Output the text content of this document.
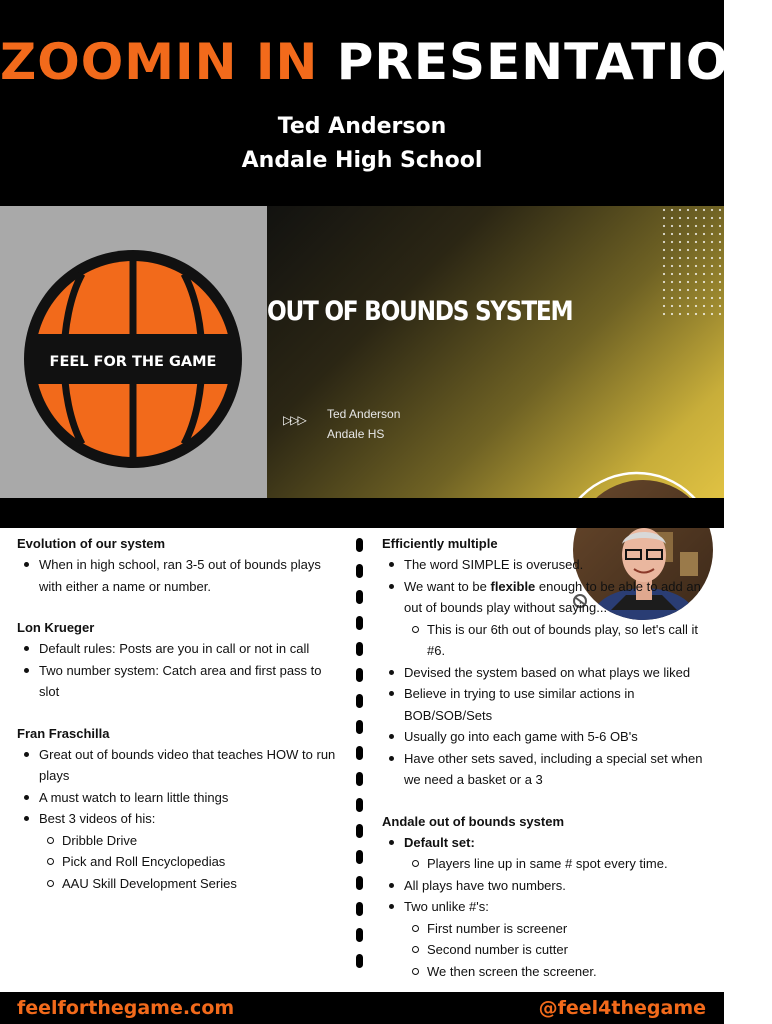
ZOOMIN IN PRESENTATION
Ted Anderson
Andale High School
FEEL FOR THE GAME
OUT OF BOUNDS SYSTEM
▷▷▷ Ted Anderson
Andale HS
Evolution of our system
When in high school, ran 3-5 out of bounds plays with either a name or number.
Lon Krueger
Default rules: Posts are you in call or not in call
Two number system: Catch area and first pass to slot
Fran Fraschilla
Great out of bounds video that teaches HOW to run plays
A must watch to learn little things
Best 3 videos of his:
Dribble Drive
Pick and Roll Encyclopedias
AAU Skill Development Series
Efficiently multiple
The word SIMPLE is overused.
We want to be flexible enough to be able to add an out of bounds play without saying...
This is our 6th out of bounds play, so let's call it #6.
Devised the system based on what plays we liked
Believe in trying to use similar actions in BOB/SOB/Sets
Usually go into each game with 5-6 OB's
Have other sets saved, including a special set when we need a basket or a 3
Andale out of bounds system
Default set:
Players line up in same # spot every time.
All plays have two numbers.
Two unlike #'s:
First number is screener
Second number is cutter
We then screen the screener.
feelforthegame.com	@feel4thegame
